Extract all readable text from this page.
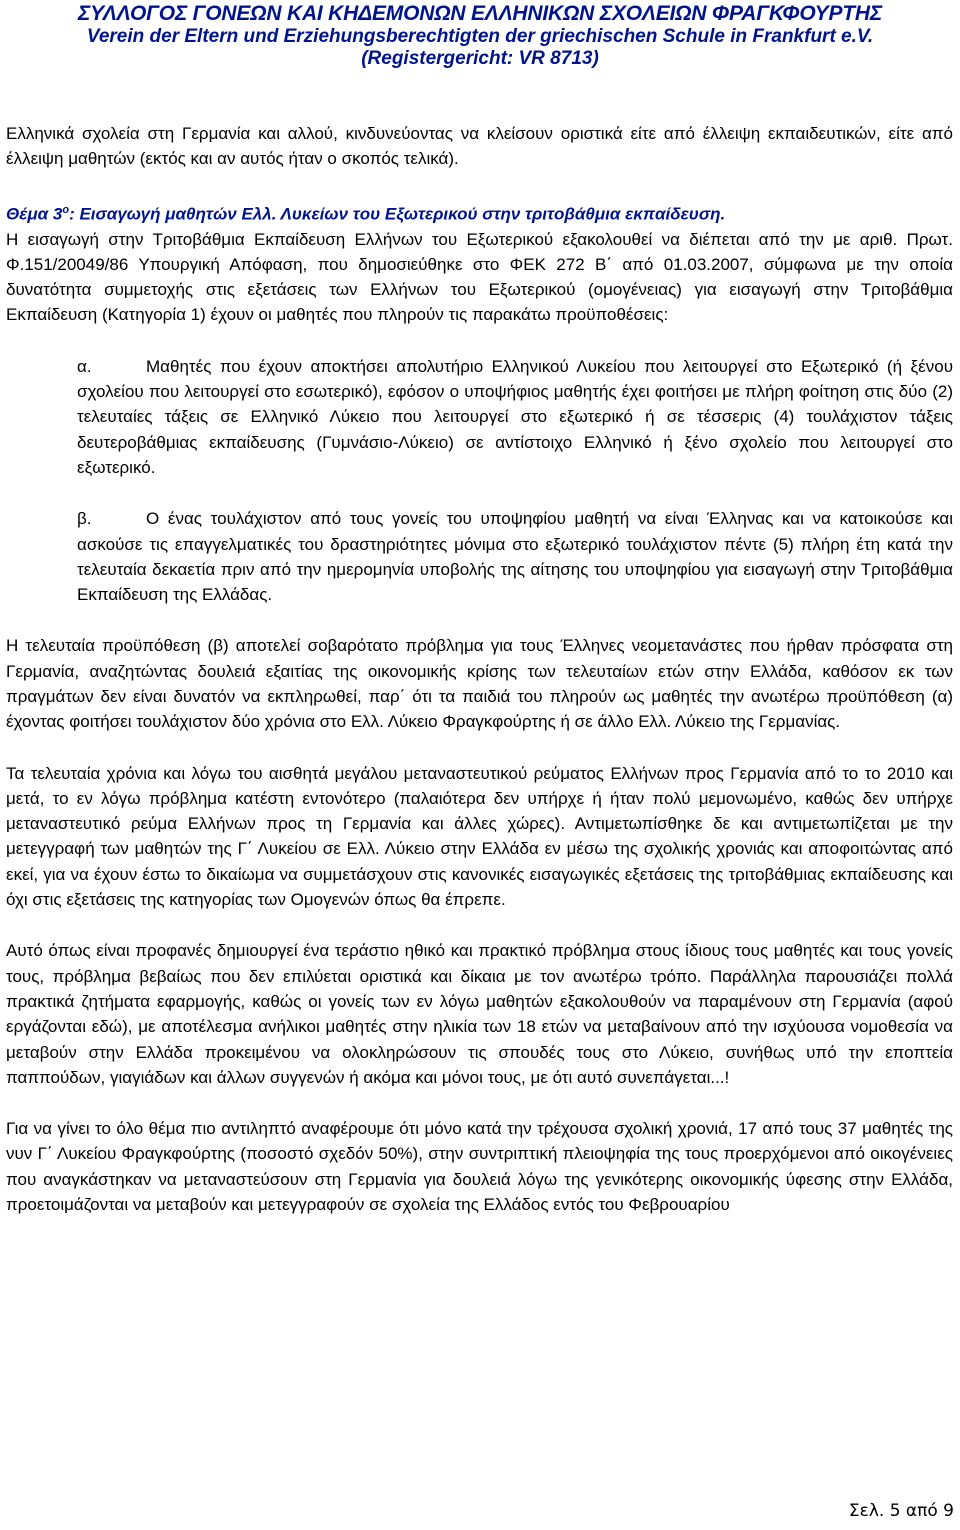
ΣΥΛΛΟΓΟΣ ΓΟΝΕΩΝ ΚΑΙ ΚΗΔΕΜΟΝΩΝ ΕΛΛΗΝΙΚΩΝ ΣΧΟΛΕΙΩΝ ΦΡΑΓΚΦΟΥΡΤΗΣ
Verein der Eltern und Erziehungsberechtigten der griechischen Schule in Frankfurt e.V.
(Registergericht: VR 8713)

Ελληνικά σχολεία στη Γερμανία και αλλού, κινδυνεύοντας να κλείσουν οριστικά είτε από έλλειψη εκπαιδευτικών, είτε από έλλειψη μαθητών (εκτός και αν αυτός ήταν ο σκοπός τελικά).

Θέμα $3^o$: Εισαγωγή μαθητών Ελλ. Λυκείων του Εξωτερικού στην τριτοβάθμια εκπαίδευση.

Η εισαγωγή στην Τριτοβάθμια Εκπαίδευση Ελλήνων του Εξωτερικού εξακολουθεί να διέπεται από την με αριθ. Πρωτ. Φ.151/20049/86 Υπουργική Απόφαση, που δημοσιεύθηκε στο ΦΕΚ 272 Β΄ από 01.03.2007, σύμφωνα με την οποία δυνατότητα συμμετοχής στις εξετάσεις των Ελλήνων του Εξωτερικού (ομογένειας) για εισαγωγή στην Τριτοβάθμια Εκπαίδευση (Κατηγορία 1) έχουν οι μαθητές που πληρούν τις παρακάτω προϋποθέσεις:

α.	Μαθητές που έχουν αποκτήσει απολυτήριο Ελληνικού Λυκείου που λειτουργεί στο Εξωτερικό (ή ξένου σχολείου που λειτουργεί στο εσωτερικό), εφόσον ο υποψήφιος μαθητής έχει φοιτήσει με πλήρη φοίτηση στις δύο (2) τελευταίες τάξεις σε Ελληνικό Λύκειο που λειτουργεί στο εξωτερικό ή σε τέσσερις (4) τουλάχιστον τάξεις δευτεροβάθμιας εκπαίδευσης (Γυμνάσιο-Λύκειο) σε αντίστοιχο Ελληνικό ή ξένο σχολείο που λειτουργεί στο εξωτερικό.

β.	Ο ένας τουλάχιστον από τους γονείς του υποψηφίου μαθητή να είναι Έλληνας και να κατοικούσε και ασκούσε τις επαγγελματικές του δραστηριότητες μόνιμα στο εξωτερικό τουλάχιστον πέντε (5) πλήρη έτη κατά την τελευταία δεκαετία πριν από την ημερομηνία υποβολής της αίτησης του υποψηφίου για εισαγωγή στην Τριτοβάθμια Εκπαίδευση της Ελλάδας.

Η τελευταία προϋπόθεση (β) αποτελεί σοβαρότατο πρόβλημα για τους Έλληνες νεομετανάστες που ήρθαν πρόσφατα στη Γερμανία, αναζητώντας δουλειά εξαιτίας της οικονομικής κρίσης των τελευταίων ετών στην Ελλάδα, καθόσον εκ των πραγμάτων δεν είναι δυνατόν να εκπληρωθεί, παρ΄ ότι τα παιδιά του πληρούν ως μαθητές την ανωτέρω προϋπόθεση (α) έχοντας φοιτήσει τουλάχιστον δύο χρόνια στο Ελλ. Λύκειο Φραγκφούρτης ή σε άλλο Ελλ. Λύκειο της Γερμανίας.

Τα τελευταία χρόνια και λόγω του αισθητά μεγάλου μεταναστευτικού ρεύματος Ελλήνων προς Γερμανία από το το 2010 και μετά, το εν λόγω πρόβλημα κατέστη εντονότερο (παλαιότερα δεν υπήρχε ή ήταν πολύ μεμονωμένο, καθώς δεν υπήρχε μεταναστευτικό ρεύμα Ελλήνων προς τη Γερμανία και άλλες χώρες). Αντιμετωπίσθηκε δε και αντιμετωπίζεται με την μετεγγραφή των μαθητών της Γ΄ Λυκείου σε Ελλ. Λύκειο στην Ελλάδα εν μέσω της σχολικής χρονιάς και αποφοιτώντας από εκεί, για να έχουν έστω το δικαίωμα να συμμετάσχουν στις κανονικές εισαγωγικές εξετάσεις της τριτοβάθμιας εκπαίδευσης και όχι στις εξετάσεις της κατηγορίας των Ομογενών όπως θα έπρεπε.

Αυτό όπως είναι προφανές δημιουργεί ένα τεράστιο ηθικό και πρακτικό πρόβλημα στους ίδιους τους μαθητές και τους γονείς τους, πρόβλημα βεβαίως που δεν επιλύεται οριστικά και δίκαια με τον ανωτέρω τρόπο. Παράλληλα παρουσιάζει πολλά πρακτικά ζητήματα εφαρμογής, καθώς οι γονείς των εν λόγω μαθητών εξακολουθούν να παραμένουν στη Γερμανία (αφού εργάζονται εδώ), με αποτέλεσμα ανήλικοι μαθητές στην ηλικία των 18 ετών να μεταβαίνουν από την ισχύουσα νομοθεσία να μεταβούν στην Ελλάδα προκειμένου να ολοκληρώσουν τις σπουδές τους στο Λύκειο, συνήθως υπό την εποπτεία παππούδων, γιαγιάδων και άλλων συγγενών ή ακόμα και μόνοι τους, με ότι αυτό συνεπάγεται...!

Για να γίνει το όλο θέμα πιο αντιληπτό αναφέρουμε ότι μόνο κατά την τρέχουσα σχολική χρονιά, 17 από τους 37 μαθητές της νυν Γ΄ Λυκείου Φραγκφούρτης (ποσοστό σχεδόν 50%), στην συντριπτική πλειοψηφία της τους προερχόμενοι από οικογένειες που αναγκάστηκαν να μεταναστεύσουν στη Γερμανία για δουλειά λόγω της γενικότερης οικονομικής ύφεσης στην Ελλάδα, προετοιμάζονται να μεταβούν και μετεγγραφούν σε σχολεία της Ελλάδος εντός του Φεβρουαρίου

Σελ. 5 από 9
